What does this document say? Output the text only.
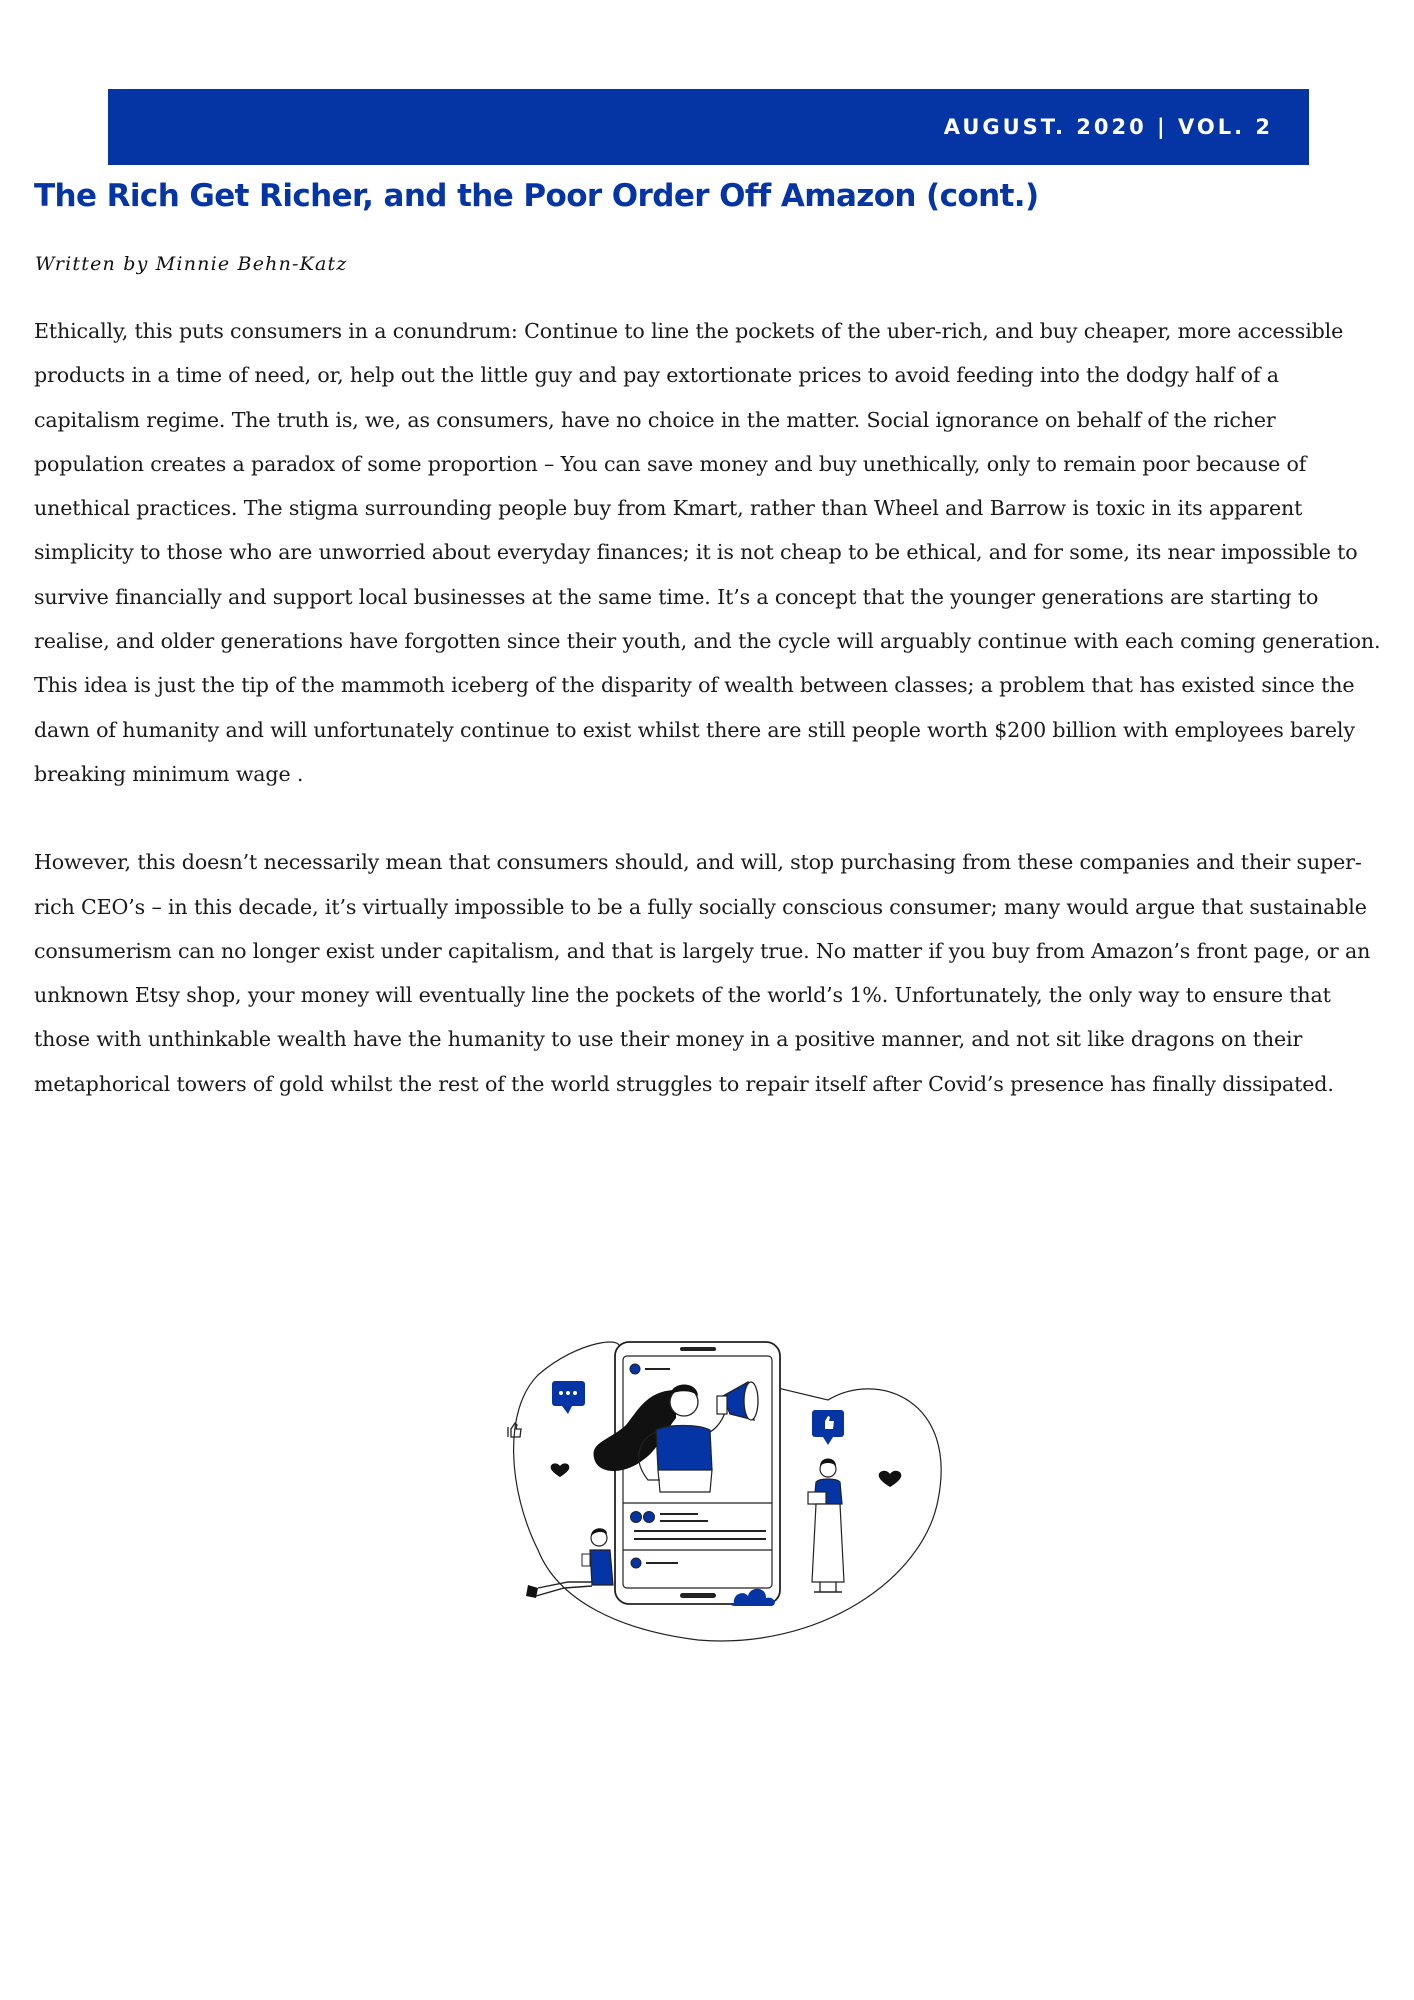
AUGUST. 2020 | VOL. 2
The Rich Get Richer, and the Poor Order Off Amazon (cont.)

Written by Minnie Behn-Katz

Ethically, this puts consumers in a conundrum: Continue to line the pockets of the uber-rich, and buy cheaper, more accessible products in a time of need, or, help out the little guy and pay extortionate prices to avoid feeding into the dodgy half of a capitalism regime. The truth is, we, as consumers, have no choice in the matter. Social ignorance on behalf of the richer population creates a paradox of some proportion – You can save money and buy unethically, only to remain poor because of unethical practices. The stigma surrounding people buy from Kmart, rather than Wheel and Barrow is toxic in its apparent simplicity to those who are unworried about everyday finances; it is not cheap to be ethical, and for some, its near impossible to survive financially and support local businesses at the same time. It’s a concept that the younger generations are starting to realise, and older generations have forgotten since their youth, and the cycle will arguably continue with each coming generation. This idea is just the tip of the mammoth iceberg of the disparity of wealth between classes; a problem that has existed since the dawn of humanity and will unfortunately continue to exist whilst there are still people worth $200 billion with employees barely breaking minimum wage .

However, this doesn’t necessarily mean that consumers should, and will, stop purchasing from these companies and their super-rich CEO’s – in this decade, it’s virtually impossible to be a fully socially conscious consumer; many would argue that sustainable consumerism can no longer exist under capitalism, and that is largely true. No matter if you buy from Amazon’s front page, or an unknown Etsy shop, your money will eventually line the pockets of the world’s 1%. Unfortunately, the only way to ensure that those with unthinkable wealth have the humanity to use their money in a positive manner, and not sit like dragons on their metaphorical towers of gold whilst the rest of the world struggles to repair itself after Covid’s presence has finally dissipated.
